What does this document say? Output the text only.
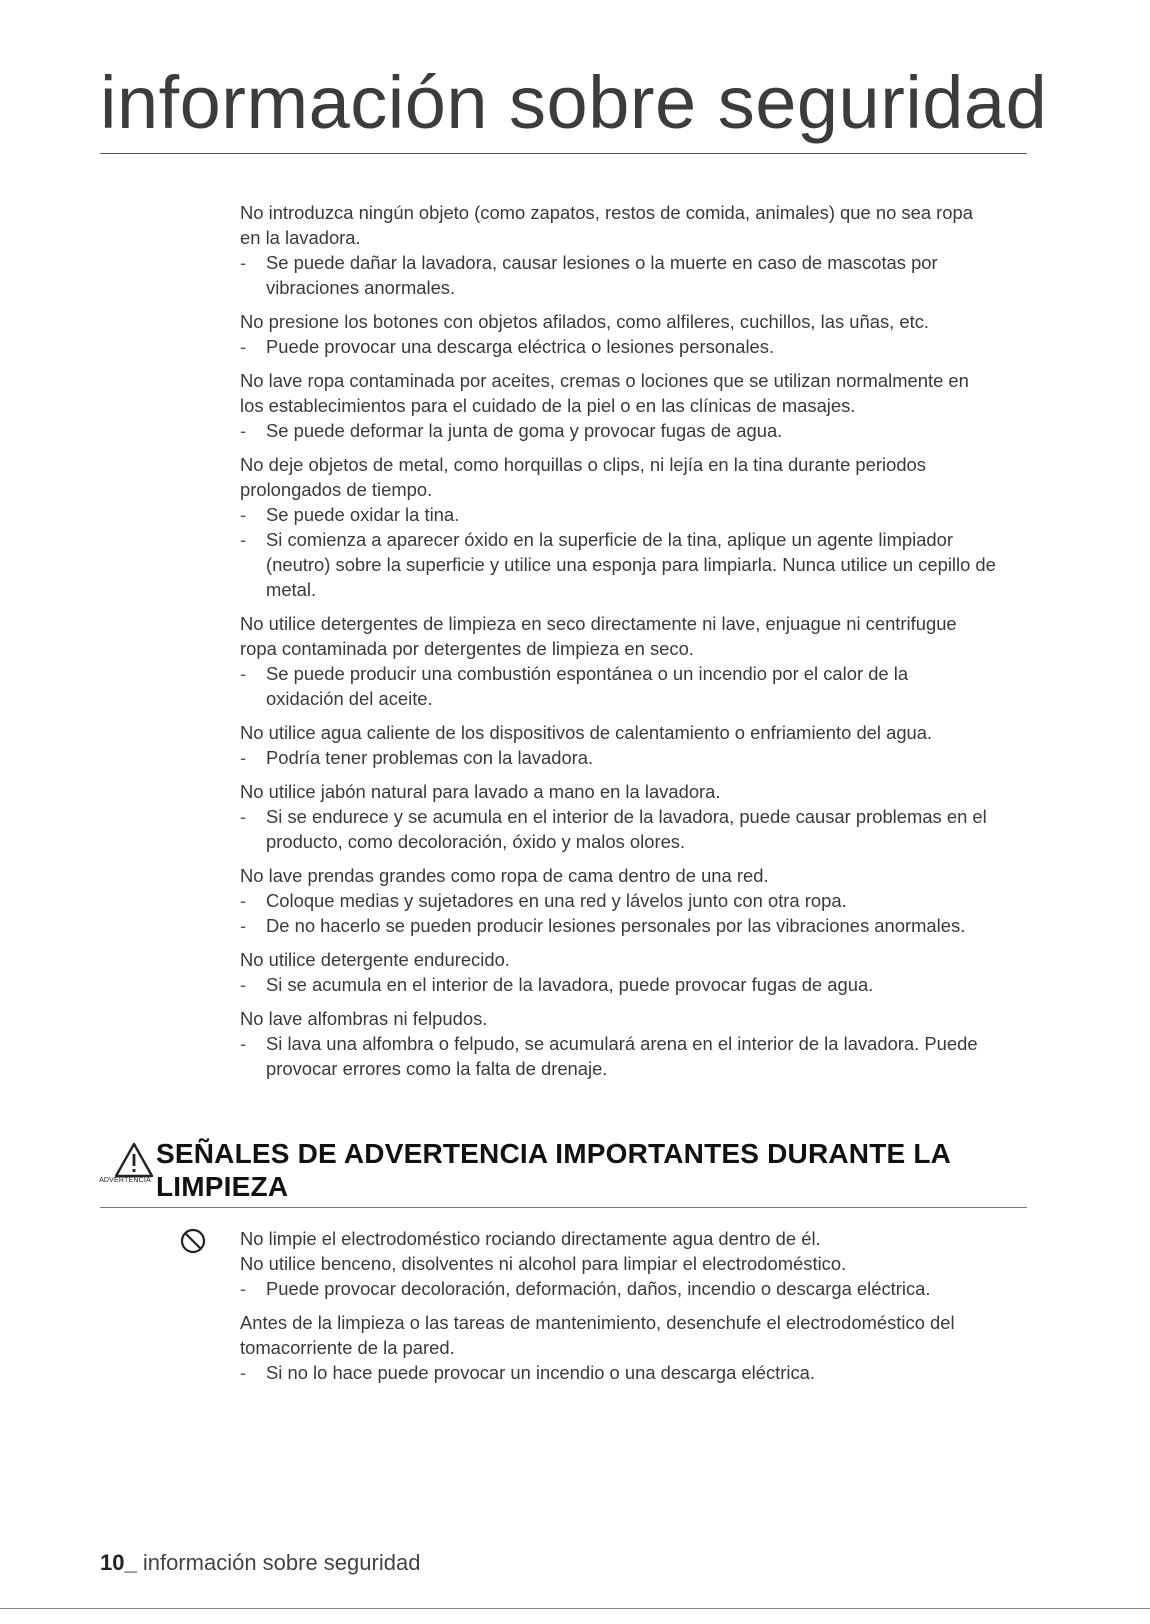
información sobre seguridad
No introduzca ningún objeto (como zapatos, restos de comida, animales) que no sea ropa
en la lavadora.
- Se puede dañar la lavadora, causar lesiones o la muerte en caso de mascotas por
vibraciones anormales.
No presione los botones con objetos afilados, como alfileres, cuchillos, las uñas, etc.
- Puede provocar una descarga eléctrica o lesiones personales.
No lave ropa contaminada por aceites, cremas o lociones que se utilizan normalmente en
los establecimientos para el cuidado de la piel o en las clínicas de masajes.
- Se puede deformar la junta de goma y provocar fugas de agua.
No deje objetos de metal, como horquillas o clips, ni lejía en la tina durante periodos
prolongados de tiempo.
- Se puede oxidar la tina.
- Si comienza a aparecer óxido en la superficie de la tina, aplique un agente limpiador
(neutro) sobre la superficie y utilice una esponja para limpiarla. Nunca utilice un cepillo de
metal.
No utilice detergentes de limpieza en seco directamente ni lave, enjuague ni centrifugue
ropa contaminada por detergentes de limpieza en seco.
- Se puede producir una combustión espontánea o un incendio por el calor de la
oxidación del aceite.
No utilice agua caliente de los dispositivos de calentamiento o enfriamiento del agua.
- Podría tener problemas con la lavadora.
No utilice jabón natural para lavado a mano en la lavadora.
- Si se endurece y se acumula en el interior de la lavadora, puede causar problemas en el
producto, como decoloración, óxido y malos olores.
No lave prendas grandes como ropa de cama dentro de una red.
- Coloque medias y sujetadores en una red y lávelos junto con otra ropa.
- De no hacerlo se pueden producir lesiones personales por las vibraciones anormales.
No utilice detergente endurecido.
- Si se acumula en el interior de la lavadora, puede provocar fugas de agua.
No lave alfombras ni felpudos.
- Si lava una alfombra o felpudo, se acumulará arena en el interior de la lavadora. Puede
provocar errores como la falta de drenaje.
ADVERTENCIA
SEÑALES DE ADVERTENCIA IMPORTANTES DURANTE LA
LIMPIEZA
No limpie el electrodoméstico rociando directamente agua dentro de él.
No utilice benceno, disolventes ni alcohol para limpiar el electrodoméstico.
- Puede provocar decoloración, deformación, daños, incendio o descarga eléctrica.
Antes de la limpieza o las tareas de mantenimiento, desenchufe el electrodoméstico del
tomacorriente de la pared.
- Si no lo hace puede provocar un incendio o una descarga eléctrica.
10_ información sobre seguridad
